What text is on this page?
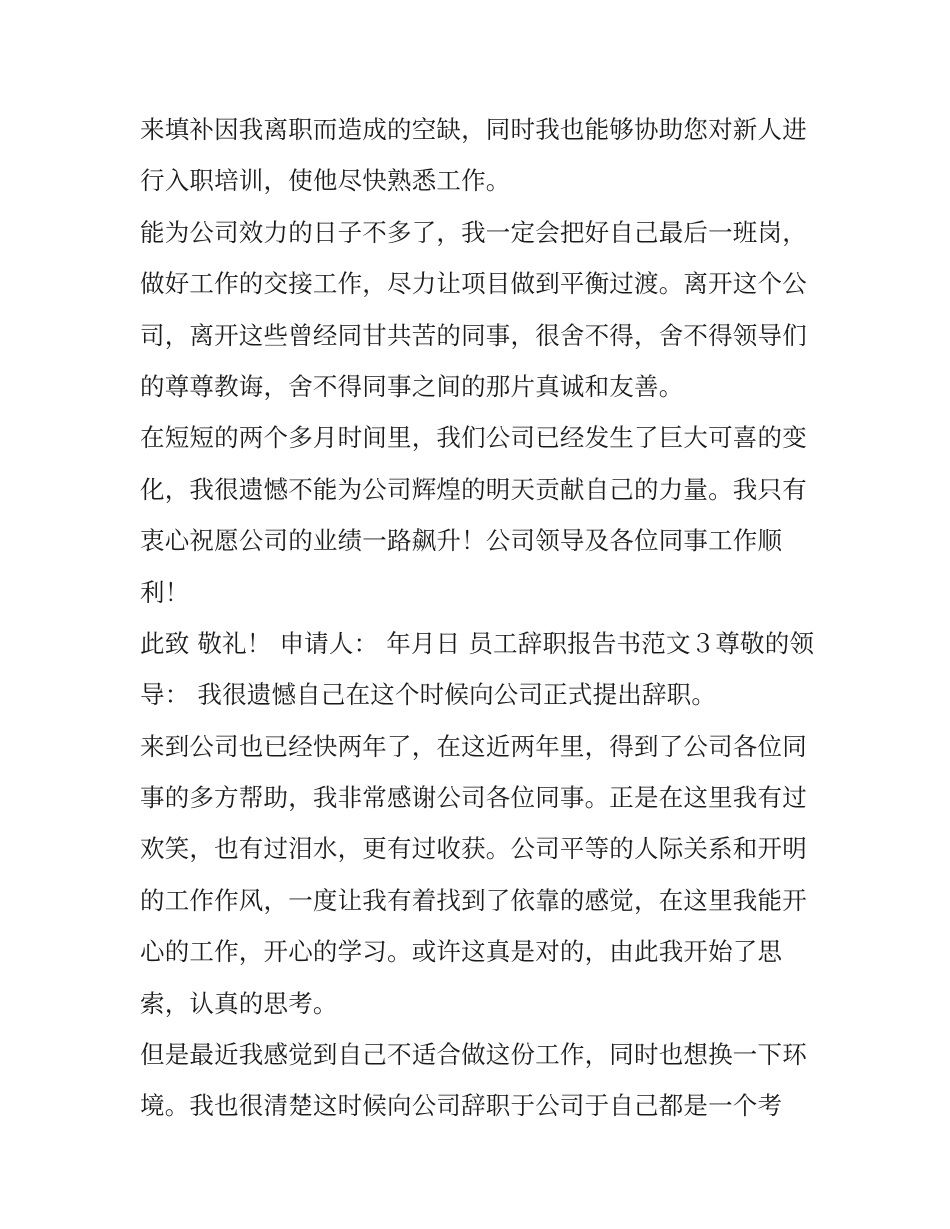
来填补因我离职而造成的空缺，同时我也能够协助您对新人进
行入职培训，使他尽快熟悉工作。
能为公司效力的日子不多了，我一定会把好自己最后一班岗，
做好工作的交接工作，尽力让项目做到平衡过渡。离开这个公
司，离开这些曾经同甘共苦的同事，很舍不得，舍不得领导们
的尊尊教诲，舍不得同事之间的那片真诚和友善。
在短短的两个多月时间里，我们公司已经发生了巨大可喜的变
化，我很遗憾不能为公司辉煌的明天贡献自己的力量。我只有
衷心祝愿公司的业绩一路飙升！公司领导及各位同事工作顺
利！
此致 敬礼！ 申请人： 年月日 员工辞职报告书范文３尊敬的领
导： 我很遗憾自己在这个时候向公司正式提出辞职。
来到公司也已经快两年了，在这近两年里，得到了公司各位同
事的多方帮助，我非常感谢公司各位同事。正是在这里我有过
欢笑，也有过泪水，更有过收获。公司平等的人际关系和开明
的工作作风，一度让我有着找到了依靠的感觉，在这里我能开
心的工作，开心的学习。或许这真是对的，由此我开始了思
索，认真的思考。
但是最近我感觉到自己不适合做这份工作，同时也想换一下环
境。我也很清楚这时候向公司辞职于公司于自己都是一个考
